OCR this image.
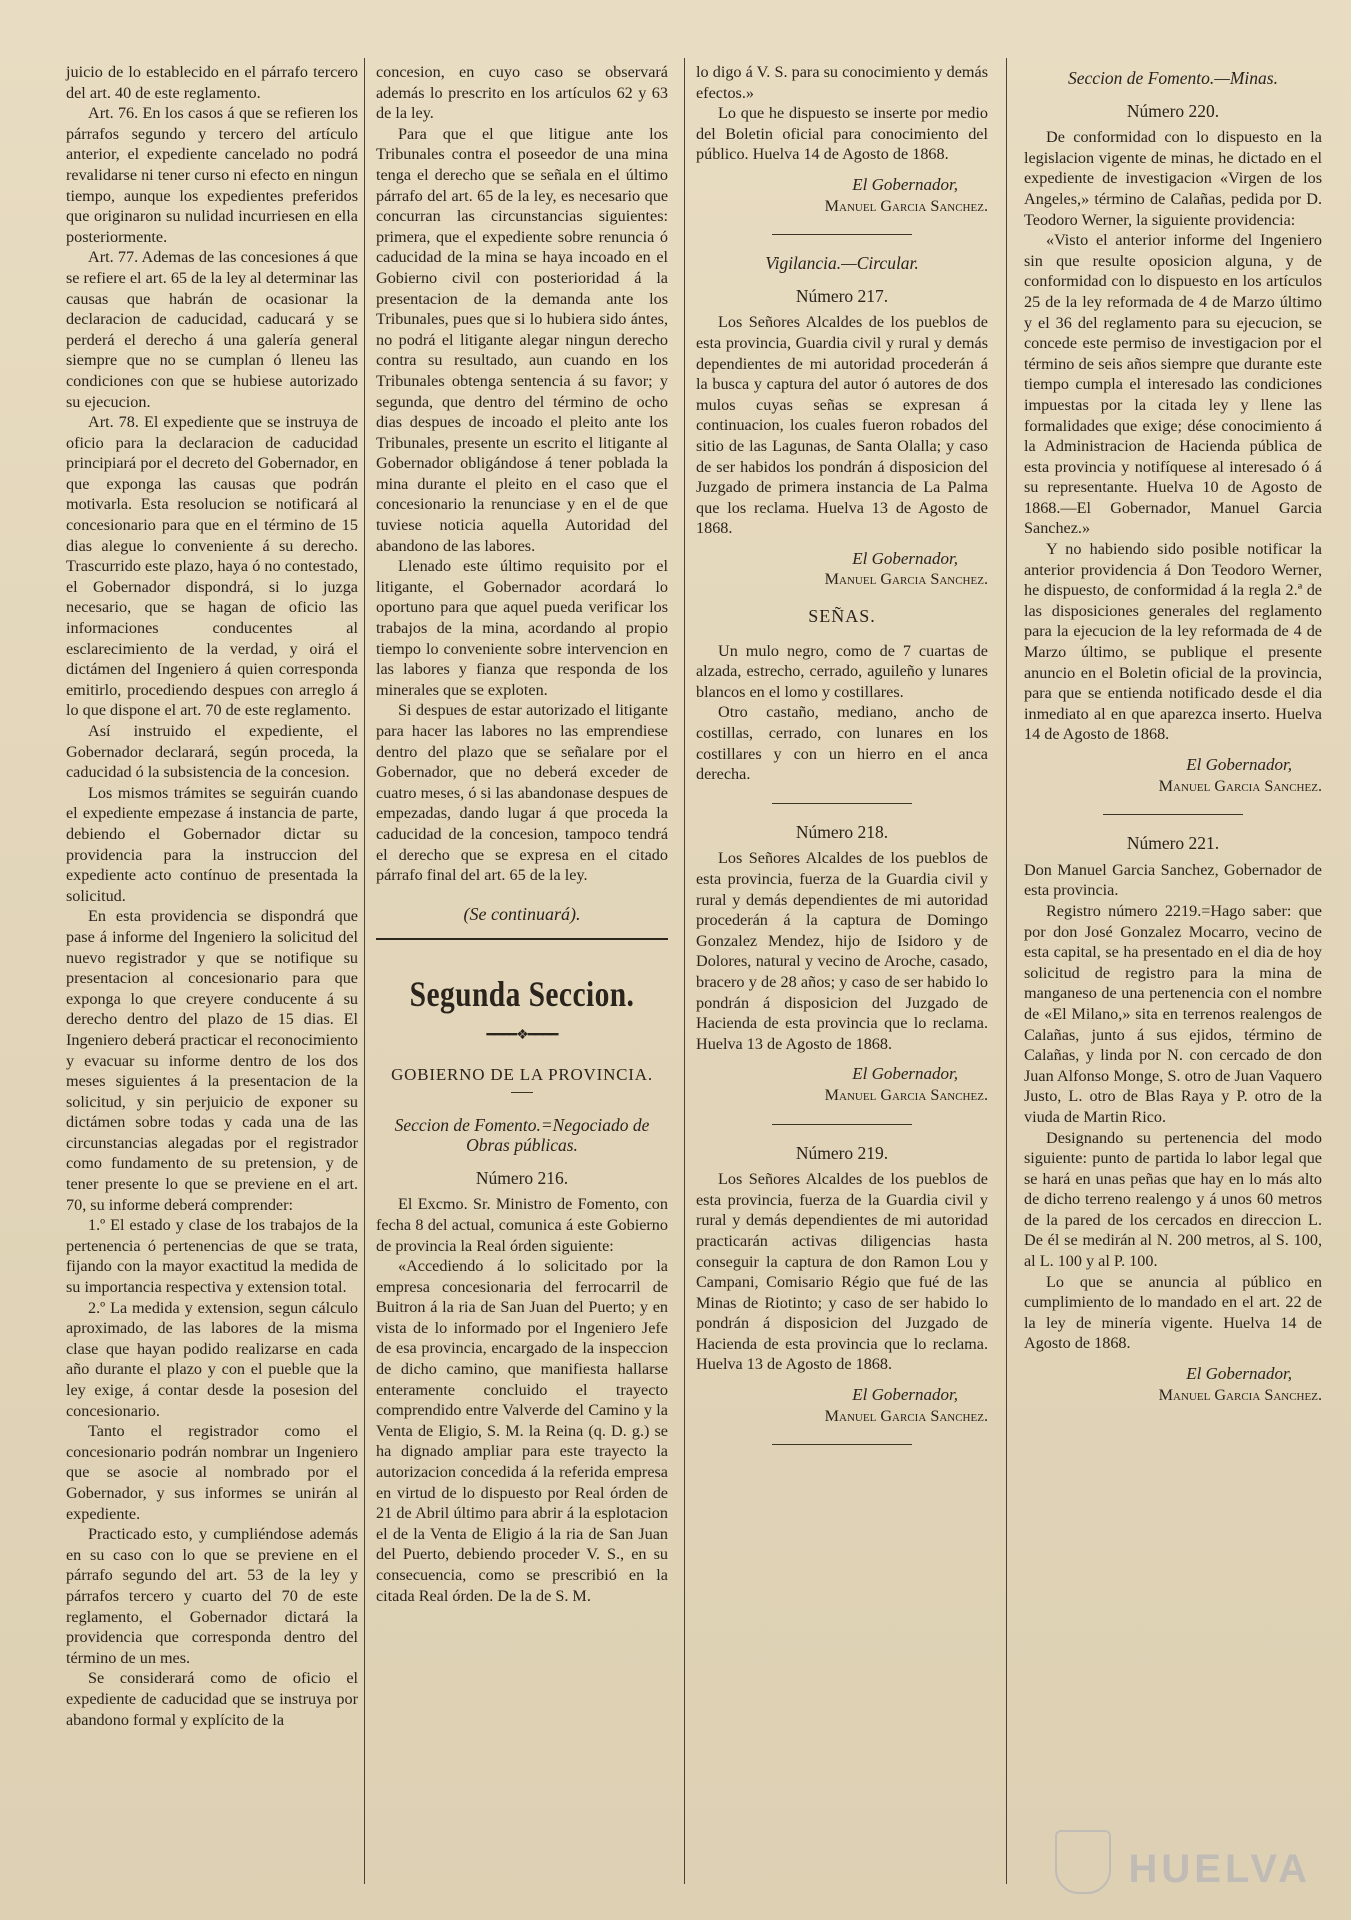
juicio de lo establecido en el párrafo tercero del art. 40 de este reglamento.

Art. 76. En los casos á que se refieren los párrafos segundo y tercero del artículo anterior, el expediente cancelado no podrá revalidarse ni tener curso ni efecto en ningun tiempo, aunque los expedientes preferidos que originaron su nulidad incurriesen en ella posteriormente.

Art. 77. Ademas de las concesiones á que se refiere el art. 65 de la ley al determinar las causas que habrán de ocasionar la declaracion de caducidad, caducará y se perderá el derecho á una galería general siempre que no se cumplan ó lleneu las condiciones con que se hubiese autorizado su ejecucion.

Art. 78. El expediente que se instruya de oficio para la declaracion de caducidad principiará por el decreto del Gobernador, en que exponga las causas que podrán motivarla. Esta resolucion se notificará al concesionario para que en el término de 15 dias alegue lo conveniente á su derecho. Trascurrido este plazo, haya ó no contestado, el Gobernador dispondrá, si lo juzga necesario, que se hagan de oficio las informaciones conducentes al esclarecimiento de la verdad, y oirá el dictámen del Ingeniero á quien corresponda emitirlo, procediendo despues con arreglo á lo que dispone el art. 70 de este reglamento.

Así instruido el expediente, el Gobernador declarará, según proceda, la caducidad ó la subsistencia de la concesion.

Los mismos trámites se seguirán cuando el expediente empezase á instancia de parte, debiendo el Gobernador dictar su providencia para la instruccion del expediente acto contínuo de presentada la solicitud.

En esta providencia se dispondrá que pase á informe del Ingeniero la solicitud del nuevo registrador y que se notifique su presentacion al concesionario para que exponga lo que creyere conducente á su derecho dentro del plazo de 15 dias. El Ingeniero deberá practicar el reconocimiento y evacuar su informe dentro de los dos meses siguientes á la presentacion de la solicitud, y sin perjuicio de exponer su dictámen sobre todas y cada una de las circunstancias alegadas por el registrador como fundamento de su pretension, y de tener presente lo que se previene en el art. 70, su informe deberá comprender:

1.º El estado y clase de los trabajos de la pertenencia ó pertenencias de que se trata, fijando con la mayor exactitud la medida de su importancia respectiva y extension total.

2.º La medida y extension, segun cálculo aproximado, de las labores de la misma clase que hayan podido realizarse en cada año durante el plazo y con el pueble que la ley exige, á contar desde la posesion del concesionario.

Tanto el registrador como el concesionario podrán nombrar un Ingeniero que se asocie al nombrado por el Gobernador, y sus informes se unirán al expediente.

Practicado esto, y cumpliéndose además en su caso con lo que se previene en el párrafo segundo del art. 53 de la ley y párrafos tercero y cuarto del 70 de este reglamento, el Gobernador dictará la providencia que corresponda dentro del término de un mes.

Se considerará como de oficio el expediente de caducidad que se instruya por abandono formal y explícito de la

concesion, en cuyo caso se observará además lo prescrito en los artículos 62 y 63 de la ley.

Para que el que litigue ante los Tribunales contra el poseedor de una mina tenga el derecho que se señala en el último párrafo del art. 65 de la ley, es necesario que concurran las circunstancias siguientes: primera, que el expediente sobre renuncia ó caducidad de la mina se haya incoado en el Gobierno civil con posterioridad á la presentacion de la demanda ante los Tribunales, pues que si lo hubiera sido ántes, no podrá el litigante alegar ningun derecho contra su resultado, aun cuando en los Tribunales obtenga sentencia á su favor; y segunda, que dentro del término de ocho dias despues de incoado el pleito ante los Tribunales, presente un escrito el litigante al Gobernador obligándose á tener poblada la mina durante el pleito en el caso que el concesionario la renunciase y en el de que tuviese noticia aquella Autoridad del abandono de las labores.

Llenado este último requisito por el litigante, el Gobernador acordará lo oportuno para que aquel pueda verificar los trabajos de la mina, acordando al propio tiempo lo conveniente sobre intervencion en las labores y fianza que responda de los minerales que se exploten.

Si despues de estar autorizado el litigante para hacer las labores no las emprendiese dentro del plazo que se señalare por el Gobernador, que no deberá exceder de cuatro meses, ó si las abandonase despues de empezadas, dando lugar á que proceda la caducidad de la concesion, tampoco tendrá el derecho que se expresa en el citado párrafo final del art. 65 de la ley.

(Se continuará).

Segunda Seccion.

━━━━❖━━━━

GOBIERNO DE LA PROVINCIA.

Seccion de Fomento.=Negociado de Obras públicas.

Número 216.

El Excmo. Sr. Ministro de Fomento, con fecha 8 del actual, comunica á este Gobierno de provincia la Real órden siguiente:

«Accediendo á lo solicitado por la empresa concesionaria del ferrocarril de Buitron á la ria de San Juan del Puerto; y en vista de lo informado por el Ingeniero Jefe de esa provincia, encargado de la inspeccion de dicho camino, que manifiesta hallarse enteramente concluido el trayecto comprendido entre Valverde del Camino y la Venta de Eligio, S. M. la Reina (q. D. g.) se ha dignado ampliar para este trayecto la autorizacion concedida á la referida empresa en virtud de lo dispuesto por Real órden de 21 de Abril último para abrir á la esplotacion el de la Venta de Eligio á la ria de San Juan del Puerto, debiendo proceder V. S., en su consecuencia, como se prescribió en la citada Real órden. De la de S. M.

lo digo á V. S. para su conocimiento y demás efectos.»

Lo que he dispuesto se inserte por medio del Boletin oficial para conocimiento del público. Huelva 14 de Agosto de 1868.

El Gobernador,

Manuel Garcia Sanchez.

Vigilancia.—Circular.

Número 217.

Los Señores Alcaldes de los pueblos de esta provincia, Guardia civil y rural y demás dependientes de mi autoridad procederán á la busca y captura del autor ó autores de dos mulos cuyas señas se expresan á continuacion, los cuales fueron robados del sitio de las Lagunas, de Santa Olalla; y caso de ser habidos los pondrán á disposicion del Juzgado de primera instancia de La Palma que los reclama. Huelva 13 de Agosto de 1868.

El Gobernador,

Manuel Garcia Sanchez.

SEÑAS.

Un mulo negro, como de 7 cuartas de alzada, estrecho, cerrado, aguileño y lunares blancos en el lomo y costillares.

Otro castaño, mediano, ancho de costillas, cerrado, con lunares en los costillares y con un hierro en el anca derecha.

Número 218.

Los Señores Alcaldes de los pueblos de esta provincia, fuerza de la Guardia civil y rural y demás dependientes de mi autoridad procederán á la captura de Domingo Gonzalez Mendez, hijo de Isidoro y de Dolores, natural y vecino de Aroche, casado, bracero y de 28 años; y caso de ser habido lo pondrán á disposicion del Juzgado de Hacienda de esta provincia que lo reclama. Huelva 13 de Agosto de 1868.

El Gobernador,

Manuel Garcia Sanchez.

Número 219.

Los Señores Alcaldes de los pueblos de esta provincia, fuerza de la Guardia civil y rural y demás dependientes de mi autoridad practicarán activas diligencias hasta conseguir la captura de don Ramon Lou y Campani, Comisario Régio que fué de las Minas de Riotinto; y caso de ser habido lo pondrán á disposicion del Juzgado de Hacienda de esta provincia que lo reclama. Huelva 13 de Agosto de 1868.

El Gobernador,

Manuel Garcia Sanchez.

Seccion de Fomento.—Minas.

Número 220.

De conformidad con lo dispuesto en la legislacion vigente de minas, he dictado en el expediente de investigacion «Virgen de los Angeles,» término de Calañas, pedida por D. Teodoro Werner, la siguiente providencia:

«Visto el anterior informe del Ingeniero sin que resulte oposicion alguna, y de conformidad con lo dispuesto en los artículos 25 de la ley reformada de 4 de Marzo último y el 36 del reglamento para su ejecucion, se concede este permiso de investigacion por el término de seis años siempre que durante este tiempo cumpla el interesado las condiciones impuestas por la citada ley y llene las formalidades que exige; dése conocimiento á la Administracion de Hacienda pública de esta provincia y notifíquese al interesado ó á su representante. Huelva 10 de Agosto de 1868.—El Gobernador, Manuel Garcia Sanchez.»

Y no habiendo sido posible notificar la anterior providencia á Don Teodoro Werner, he dispuesto, de conformidad á la regla 2.ª de las disposiciones generales del reglamento para la ejecucion de la ley reformada de 4 de Marzo último, se publique el presente anuncio en el Boletin oficial de la provincia, para que se entienda notificado desde el dia inmediato al en que aparezca inserto. Huelva 14 de Agosto de 1868.

El Gobernador,

Manuel Garcia Sanchez.

Número 221.

Don Manuel Garcia Sanchez, Gobernador de esta provincia.

Registro número 2219.=Hago saber: que por don José Gonzalez Mocarro, vecino de esta capital, se ha presentado en el dia de hoy solicitud de registro para la mina de manganeso de una pertenencia con el nombre de «El Milano,» sita en terrenos realengos de Calañas, junto á sus ejidos, término de Calañas, y linda por N. con cercado de don Juan Alfonso Monge, S. otro de Juan Vaquero Justo, L. otro de Blas Raya y P. otro de la viuda de Martin Rico.

Designando su pertenencia del modo siguiente: punto de partida lo labor legal que se hará en unas peñas que hay en lo más alto de dicho terreno realengo y á unos 60 metros de la pared de los cercados en direccion L. De él se medirán al N. 200 metros, al S. 100, al L. 100 y al P. 100.

Lo que se anuncia al público en cumplimiento de lo mandado en el art. 22 de la ley de minería vigente. Huelva 14 de Agosto de 1868.

El Gobernador,

Manuel Garcia Sanchez.

HUELVA
